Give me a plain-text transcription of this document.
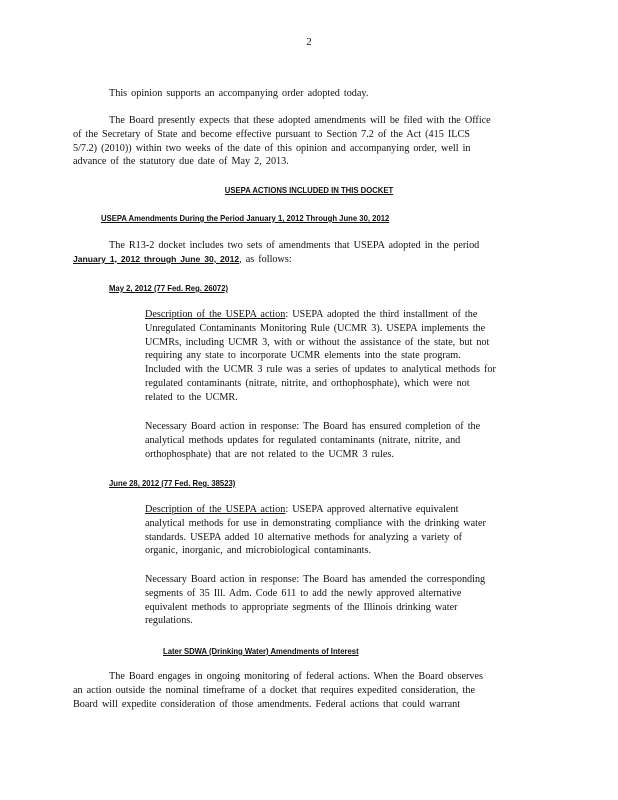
2
This opinion supports an accompanying order adopted today.
The Board presently expects that these adopted amendments will be filed with the Office
of the Secretary of State and become effective pursuant to Section 7.2 of the Act (415 ILCS
5/7.2) (2010)) within two weeks of the date of this opinion and accompanying order, well in
advance of the statutory due date of May 2, 2013.
USEPA ACTIONS INCLUDED IN THIS DOCKET
USEPA Amendments During the Period January 1, 2012 Through June 30, 2012
The R13-2 docket includes two sets of amendments that USEPA adopted in the period
January 1, 2012 through June 30, 2012, as follows:
May 2, 2012 (77 Fed. Reg. 26072)
Description of the USEPA action: USEPA adopted the third installment of the
Unregulated Contaminants Monitoring Rule (UCMR 3). USEPA implements the
UCMRs, including UCMR 3, with or without the assistance of the state, but not
requiring any state to incorporate UCMR elements into the state program.
Included with the UCMR 3 rule was a series of updates to analytical methods for
regulated contaminants (nitrate, nitrite, and orthophosphate), which were not
related to the UCMR.
Necessary Board action in response: The Board has ensured completion of the
analytical methods updates for regulated contaminants (nitrate, nitrite, and
orthophosphate) that are not related to the UCMR 3 rules.
June 28, 2012 (77 Fed. Reg. 38523)
Description of the USEPA action: USEPA approved alternative equivalent
analytical methods for use in demonstrating compliance with the drinking water
standards. USEPA added 10 alternative methods for analyzing a variety of
organic, inorganic, and microbiological contaminants.
Necessary Board action in response: The Board has amended the corresponding
segments of 35 Ill. Adm. Code 611 to add the newly approved alternative
equivalent methods to appropriate segments of the Illinois drinking water
regulations.
Later SDWA (Drinking Water) Amendments of Interest
The Board engages in ongoing monitoring of federal actions. When the Board observes
an action outside the nominal timeframe of a docket that requires expedited consideration, the
Board will expedite consideration of those amendments. Federal actions that could warrant
